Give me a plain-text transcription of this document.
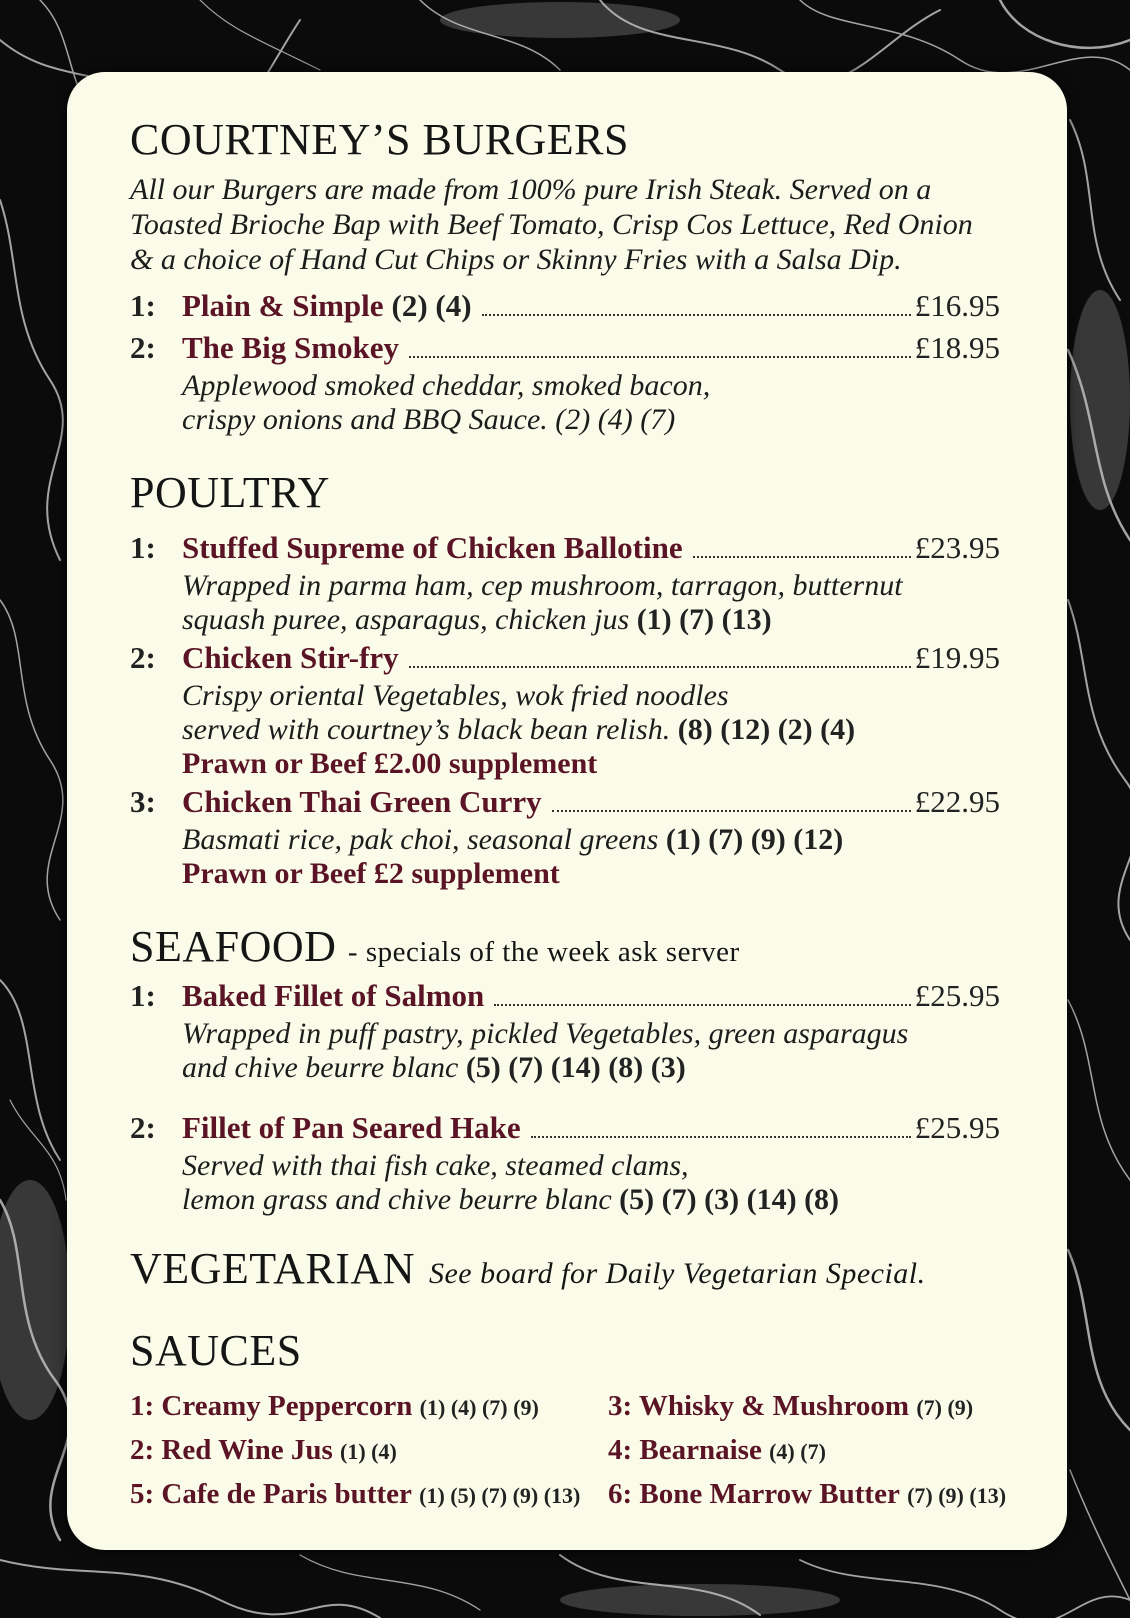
COURTNEY’S BURGERS
All our Burgers are made from 100% pure Irish Steak. Served on a
Toasted Brioche Bap with Beef Tomato, Crisp Cos Lettuce, Red Onion
& a choice of Hand Cut Chips or Skinny Fries with a Salsa Dip.
1: Plain & Simple (2) (4)	£16.95
2: The Big Smokey	£18.95
Applewood smoked cheddar, smoked bacon,
crispy onions and BBQ Sauce. (2) (4) (7)
POULTRY
1: Stuffed Supreme of Chicken Ballotine	£23.95
Wrapped in parma ham, cep mushroom, tarragon, butternut
squash puree, asparagus, chicken jus (1) (7) (13)
2: Chicken Stir-fry	£19.95
Crispy oriental Vegetables, wok fried noodles
served with courtney’s black bean relish. (8) (12) (2) (4)
Prawn or Beef £2.00 supplement
3: Chicken Thai Green Curry	£22.95
Basmati rice, pak choi, seasonal greens (1) (7) (9) (12)
Prawn or Beef £2 supplement
SEAFOOD - specials of the week ask server
1: Baked Fillet of Salmon	£25.95
Wrapped in puff pastry, pickled Vegetables, green asparagus
and chive beurre blanc (5) (7) (14) (8) (3)
2: Fillet of Pan Seared Hake	£25.95
Served with thai fish cake, steamed clams,
lemon grass and chive beurre blanc (5) (7) (3) (14) (8)
VEGETARIAN See board for Daily Vegetarian Special.
SAUCES
1: Creamy Peppercorn (1) (4) (7) (9)	3: Whisky & Mushroom (7) (9)
2: Red Wine Jus (1) (4)	4: Bearnaise (4) (7)
5: Cafe de Paris butter (1) (5) (7) (9) (13) 6: Bone Marrow Butter (7) (9) (13)
